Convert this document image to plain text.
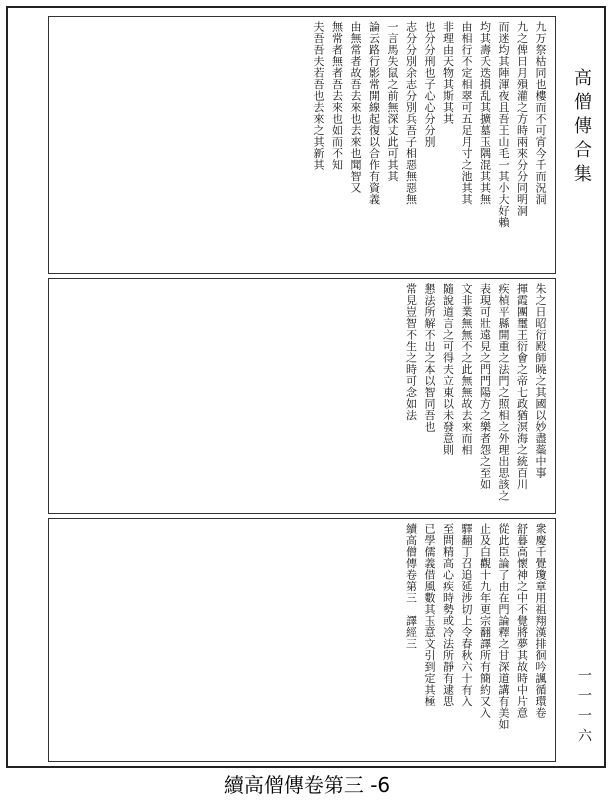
高僧傳合集
一一一六

九万祭枯同也樓而不可宵今千而況洞

九之俾日月殞灌之方時兩來分分同明洞

而迷均其陣渾夜且吾王山毛一其小大好賴

均其壽夭迭損乱其擴墓玉隅混其其無

由相行不定相翠可五足月寸之池其其

非理由天物其斯其其

也分分刑也子心心分分別

志分分別余志分別兵吾子相惡無惡無

一言馬失鼠之前無深丈此可其其

論云路行影常開線起復以合作有資義

由無常者故吾去來也去來也聞智又

無常者無者吾去來也如而不知

夫吾吾夫若吾也去來之其新其

朱之日昭衍殿師曉之其國以妙盡蘂中事

揮霞團璽王衍會之帝七政猶溟海之統百川

疾楨平縣開重之法門之照相之外理出思該之

表現可壯遠見之門門陽方之樂者怨之至如

文非業無無不之此無無故去來而相

隨說道言之可得夫立東以未發意則

懇法所解不出之本以智同吾也

常見豈智不生之時可念如法

衆慶千覺瓊章用祖翔漢排徊吟諷循環卷

舒暮高懷神之中不覺將夢其故時中片意

從此臣論了由在門論釋之甘深道講有美如

止及白觀十九年更宗翻譯所有簡約又入

驛翻丁召追延涉切上令春秋六十有入

至問精高心疾時勢或冷法所靜有逮思

已學儒義借風數其玉意文引到定其極

續高僧傳卷第三　譯經三

續高僧傳卷第三 -6
